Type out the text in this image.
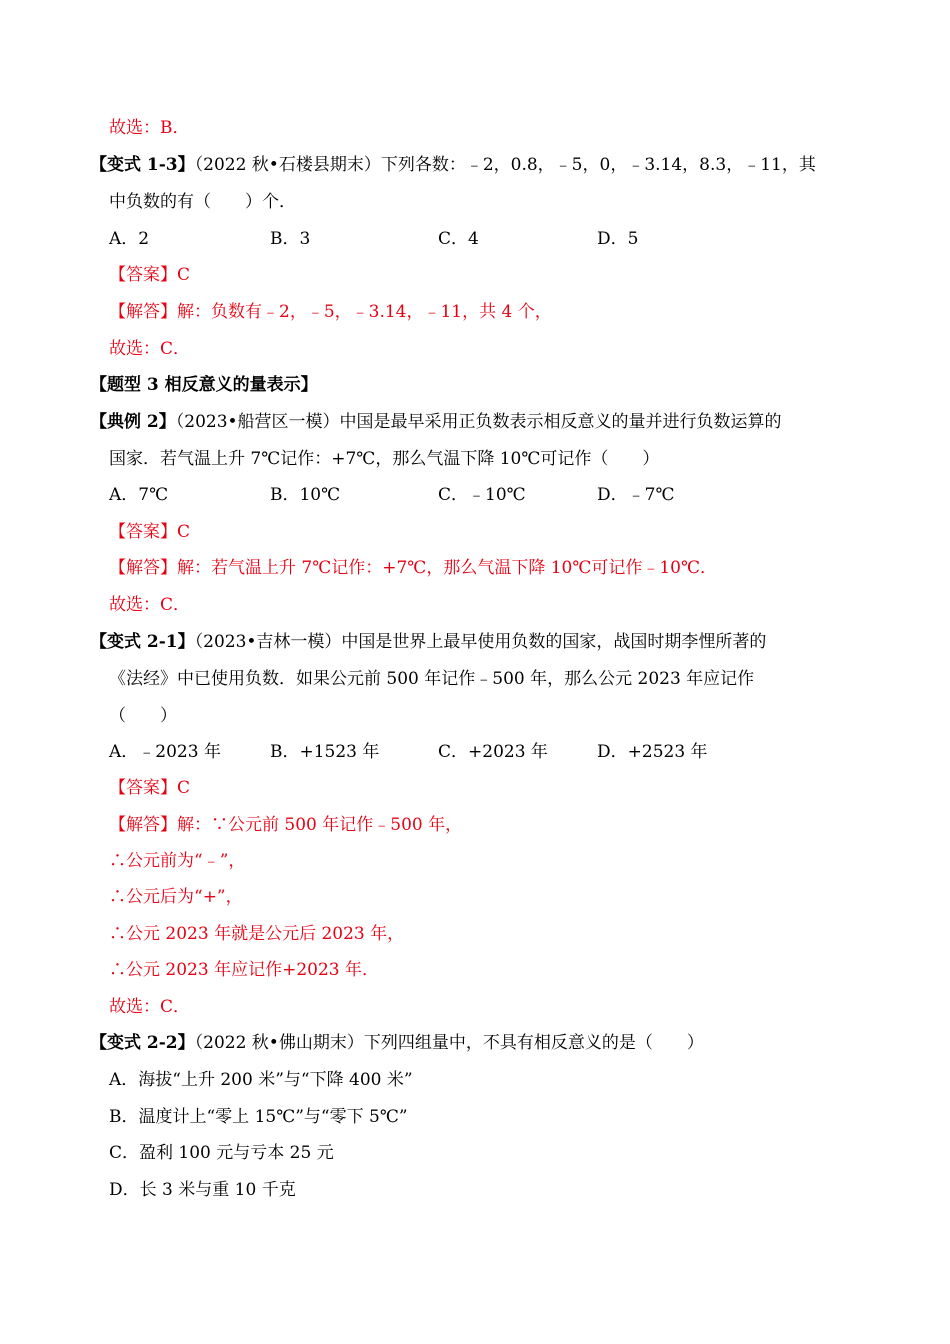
故选：B．
【变式 1-3】（2022 秋•石楼县期末）下列各数：﹣2，0.8，﹣5，0，﹣3.14，8.3，﹣11，其
中负数的有（　　）个．
A．2	B．3	C．4	D．5
【答案】C
【解答】解：负数有﹣2，﹣5，﹣3.14，﹣11，共 4 个，
故选：C．
【题型 3 相反意义的量表示】
【典例 2】（2023•船营区一模）中国是最早采用正负数表示相反意义的量并进行负数运算的
国家．若气温上升 7℃记作：+7℃，那么气温下降 10℃可记作（　　）
A．7℃	B．10℃	C．﹣10℃	D．﹣7℃
【答案】C
【解答】解：若气温上升 7℃记作：+7℃，那么气温下降 10℃可记作﹣10℃．
故选：C．
【变式 2-1】（2023•吉林一模）中国是世界上最早使用负数的国家，战国时期李悝所著的
《法经》中已使用负数．如果公元前 500 年记作﹣500 年，那么公元 2023 年应记作
（　　）
A．﹣2023 年	B．+1523 年	C．+2023 年	D．+2523 年
【答案】C
【解答】解：∵公元前 500 年记作﹣500 年，
∴公元前为“﹣”，
∴公元后为“+”，
∴公元 2023 年就是公元后 2023 年，
∴公元 2023 年应记作+2023 年．
故选：C．
【变式 2-2】（2022 秋•佛山期末）下列四组量中，不具有相反意义的是（　　）
A．海拔“上升 200 米”与“下降 400 米”
B．温度计上“零上 15℃”与“零下 5℃”
C．盈利 100 元与亏本 25 元
D．长 3 米与重 10 千克
